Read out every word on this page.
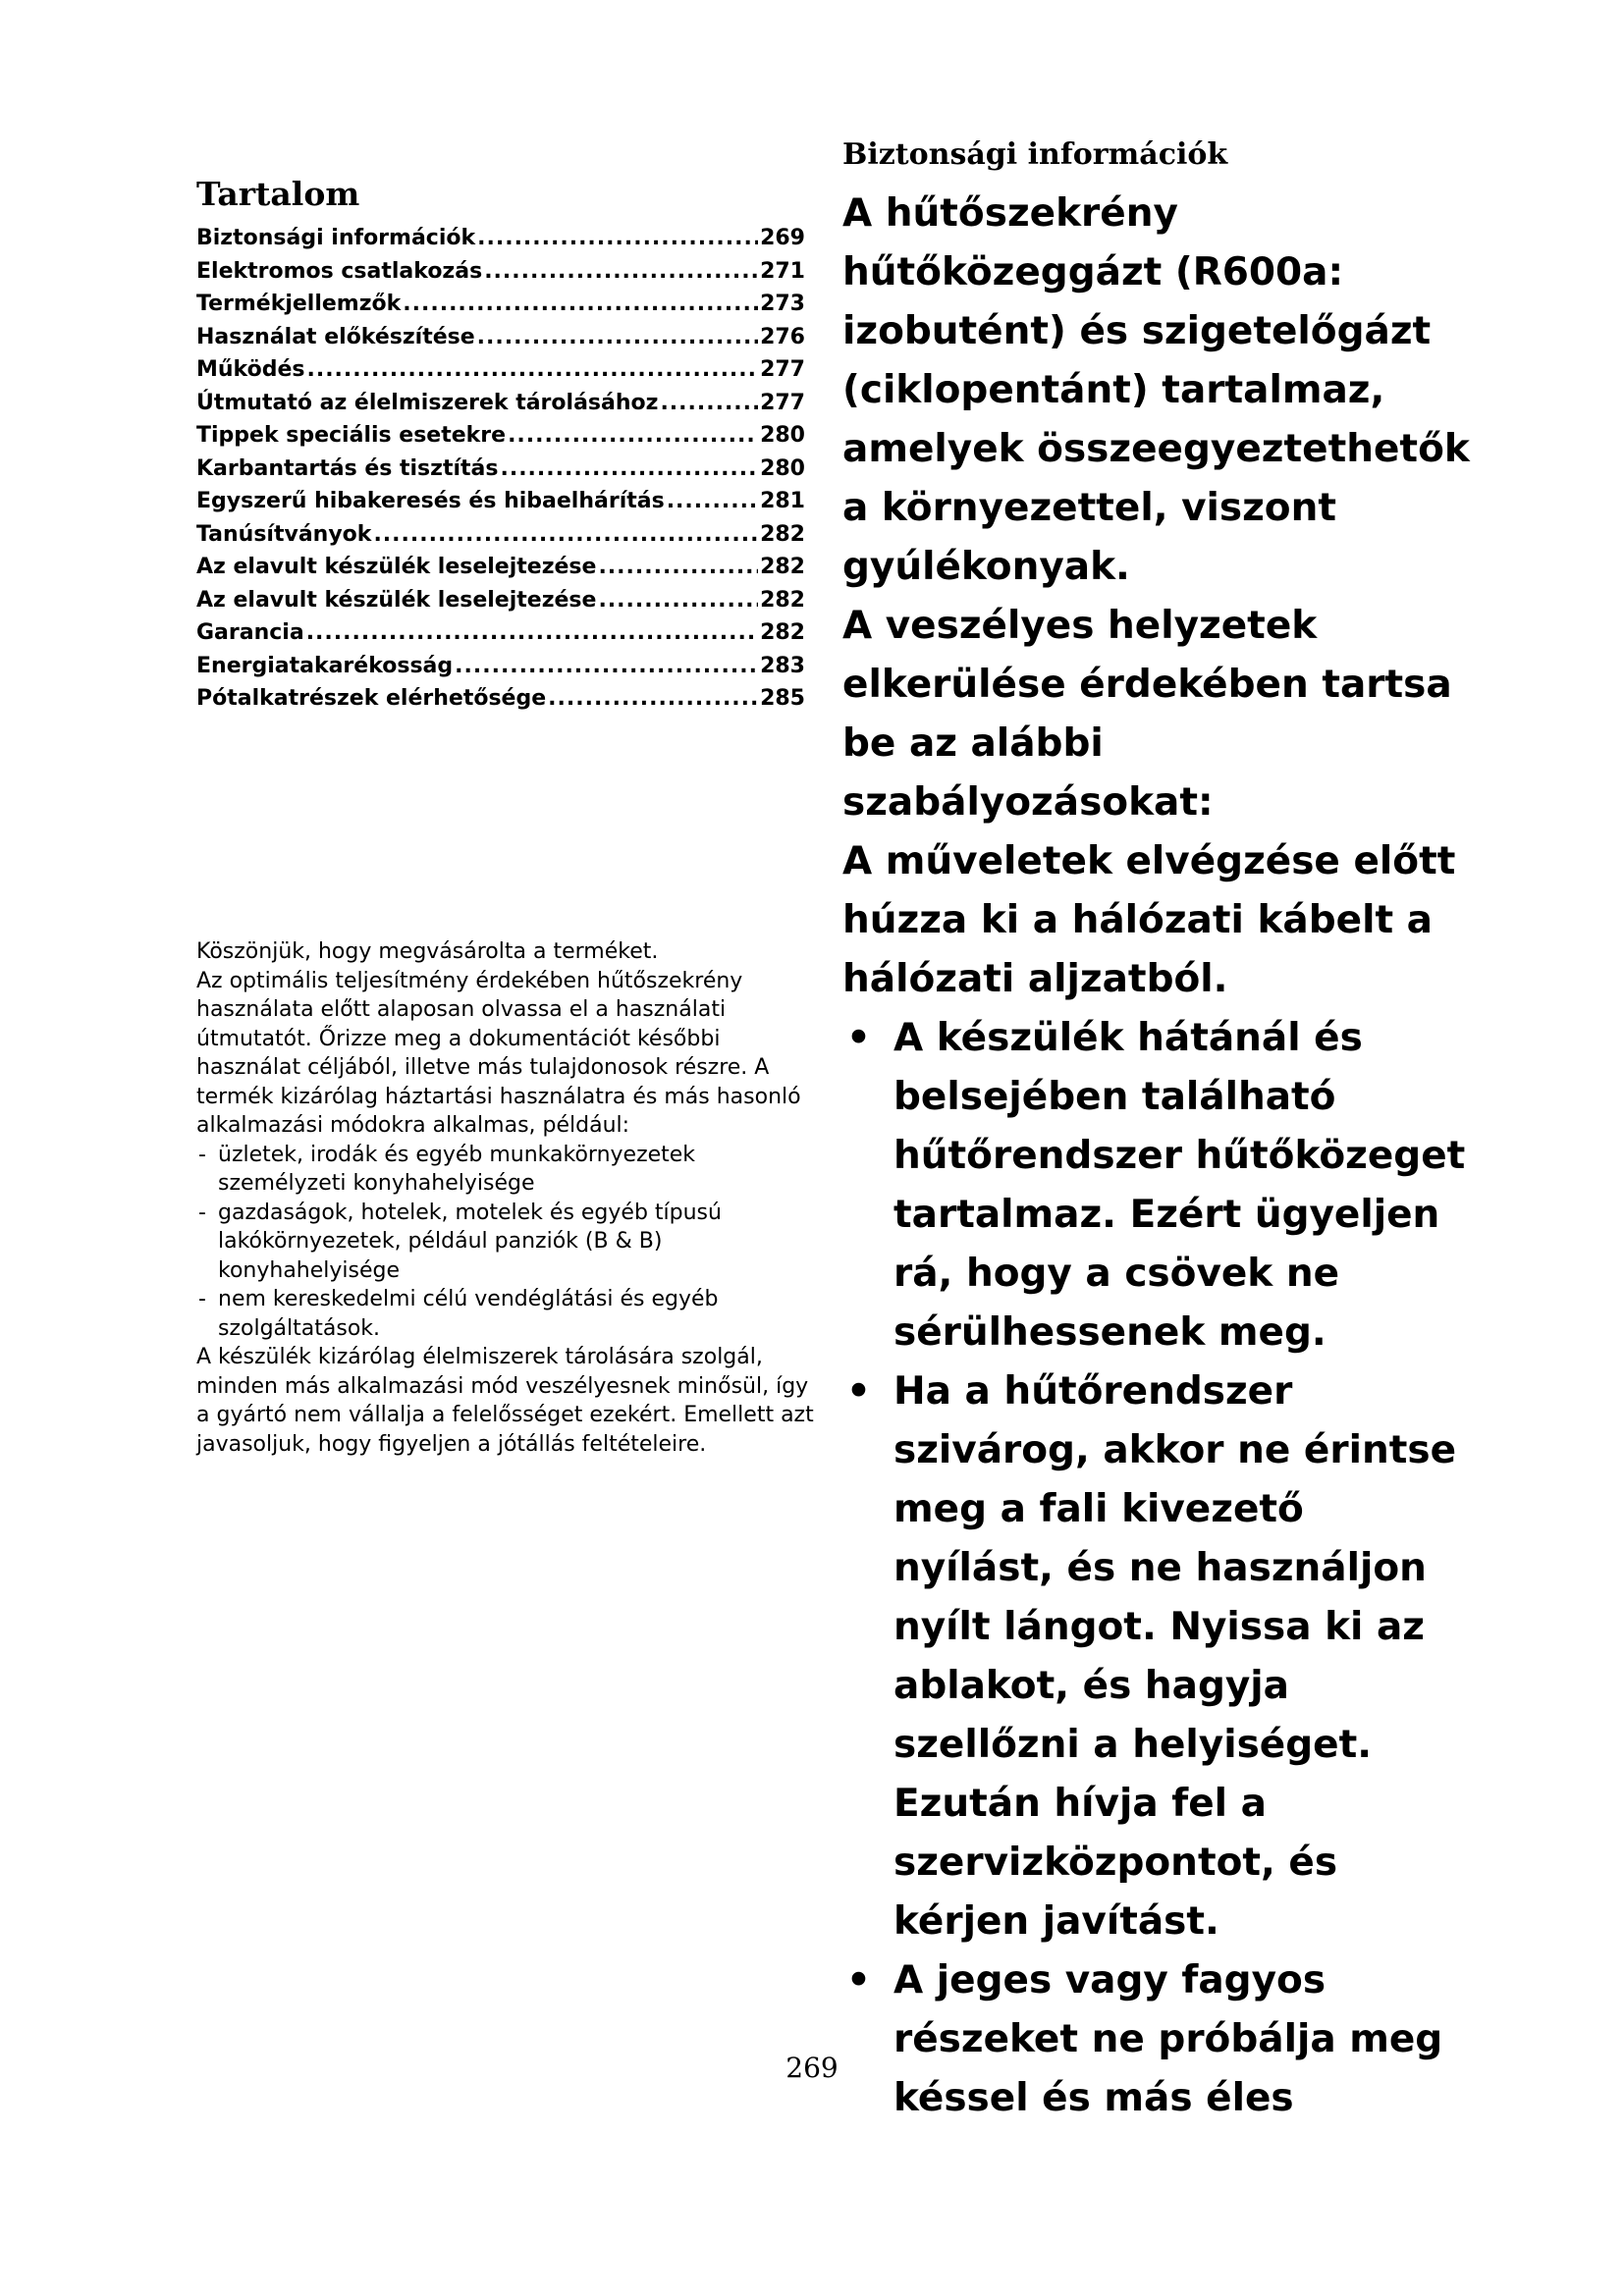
Tartalom
Biztonsági információk .....	269
Elektromos csatlakozás .....	271
Termékjellemzők .....	273
Használat előkészítése .....	276
Működés .....	277
Útmutató az élelmiszerek tárolásához .....	277
Tippek speciális esetekre .....	280
Karbantartás és tisztítás .....	280
Egyszerű hibakeresés és hibaelhárítás .....	281
Tanúsítványok .....	282
Az elavult készülék leselejtezése .....	282
Az elavult készülék leselejtezése .....	282
Garancia .....	282
Energiatakarékosság .....	283
Pótalkatrészek elérhetősége .....	285

Köszönjük, hogy megvásárolta a terméket.

Az optimális teljesítmény érdekében hűtőszekrény használata előtt alaposan olvassa el a használati útmutatót. Őrizze meg a dokumentációt későbbi használat céljából, illetve más tulajdonosok részre. A termék kizárólag háztartási használatra és más hasonló alkalmazási módokra alkalmas, például:

- üzletek, irodák és egyéb munkakörnyezetek személyzeti konyhahelyisége
- gazdaságok, hotelek, motelek és egyéb típusú lakókörnyezetek, például panziók (B & B) konyhahelyisége
- nem kereskedelmi célú vendéglátási és egyéb szolgáltatások.

A készülék kizárólag élelmiszerek tárolására szolgál, minden más alkalmazási mód veszélyesnek minősül, így a gyártó nem vállalja a felelősséget ezekért. Emellett azt javasoljuk, hogy figyeljen a jótállás feltételeire.

Biztonsági információk

A hűtőszekrény hűtőközeggázt (R600a: izobutént) és szigetelőgázt (ciklopentánt) tartalmaz, amelyek összeegyeztethetők a környezettel, viszont gyúlékonyak.

A veszélyes helyzetek elkerülése érdekében tartsa be az alábbi szabályozásokat:

A műveletek elvégzése előtt húzza ki a hálózati kábelt a hálózati aljzatból.

• A készülék hátánál és belsejében található hűtőrendszer hűtőközeget tartalmaz. Ezért ügyeljen rá, hogy a csövek ne sérülhessenek meg.
• Ha a hűtőrendszer szivárog, akkor ne érintse meg a fali kivezető nyílást, és ne használjon nyílt lángot. Nyissa ki az ablakot, és hagyja szellőzni a helyiséget. Ezután hívja fel a szervizközpontot, és kérjen javítást.
• A jeges vagy fagyos részeket ne próbálja meg késsel és más éles
269
